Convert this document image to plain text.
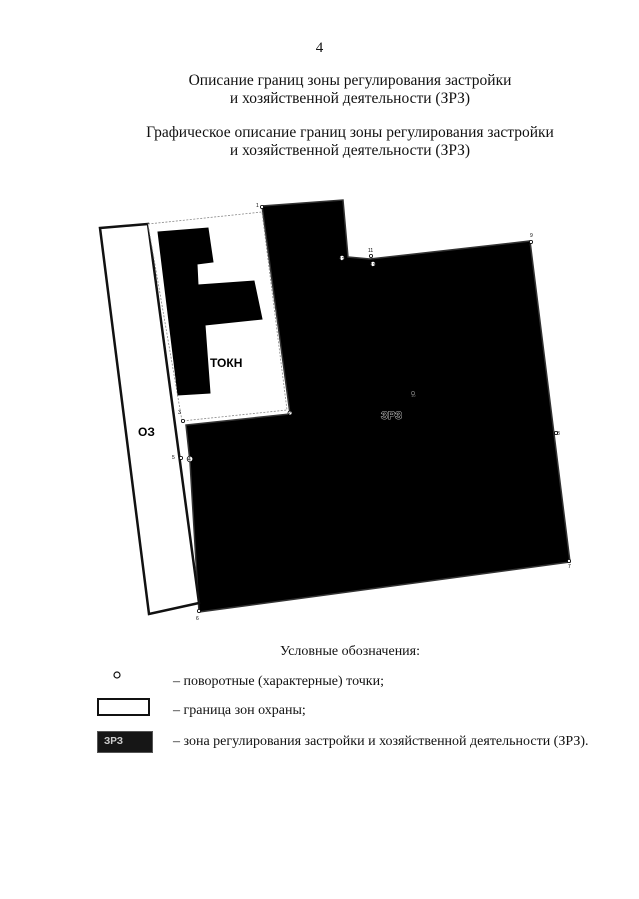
4
Описание границ зоны регулирования застройки
и хозяйственной деятельности (ЗРЗ)
Графическое описание границ зоны регулирования застройки
и хозяйственной деятельности (ЗРЗ)
ТОКН
ОЗ
ЗРЗ
1
2
3
4
5
6
7
8
9
10
11
12
13
Условные обозначения:
– поворотные (характерные) точки;
– граница зон охраны;
ЗРЗ	– зона регулирования застройки и хозяйственной деятельности (ЗРЗ).
